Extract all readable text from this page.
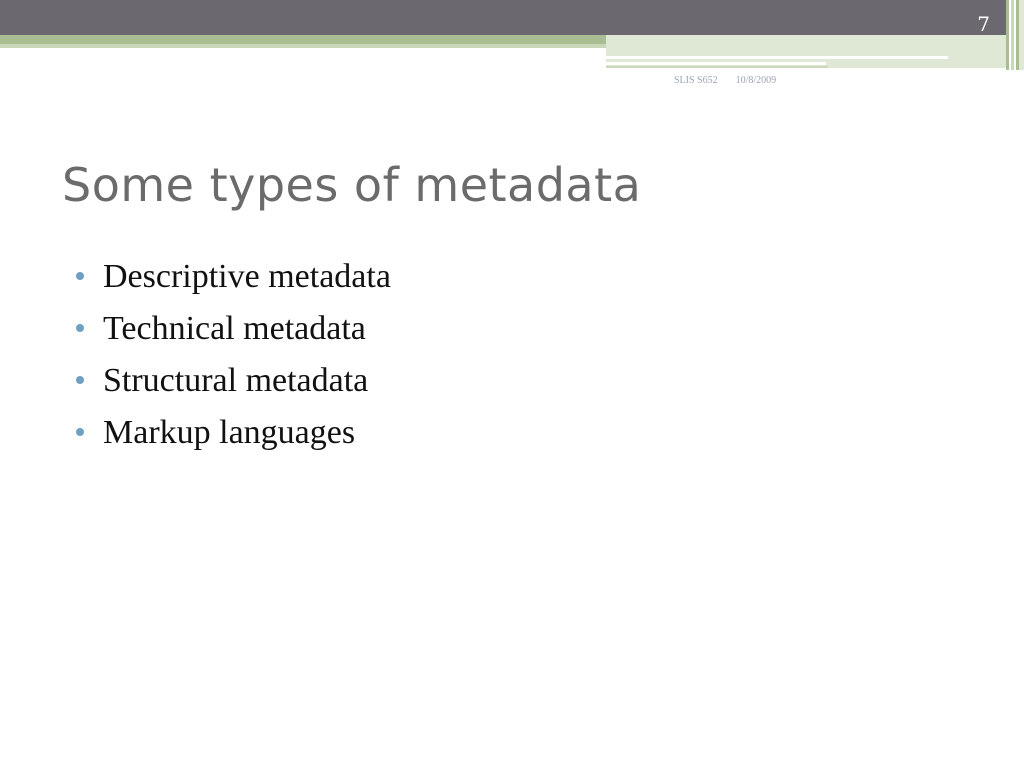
7
SLIS S652 10/8/2009
Some types of metadata
Descriptive metadata
Technical metadata
Structural metadata
Markup languages
